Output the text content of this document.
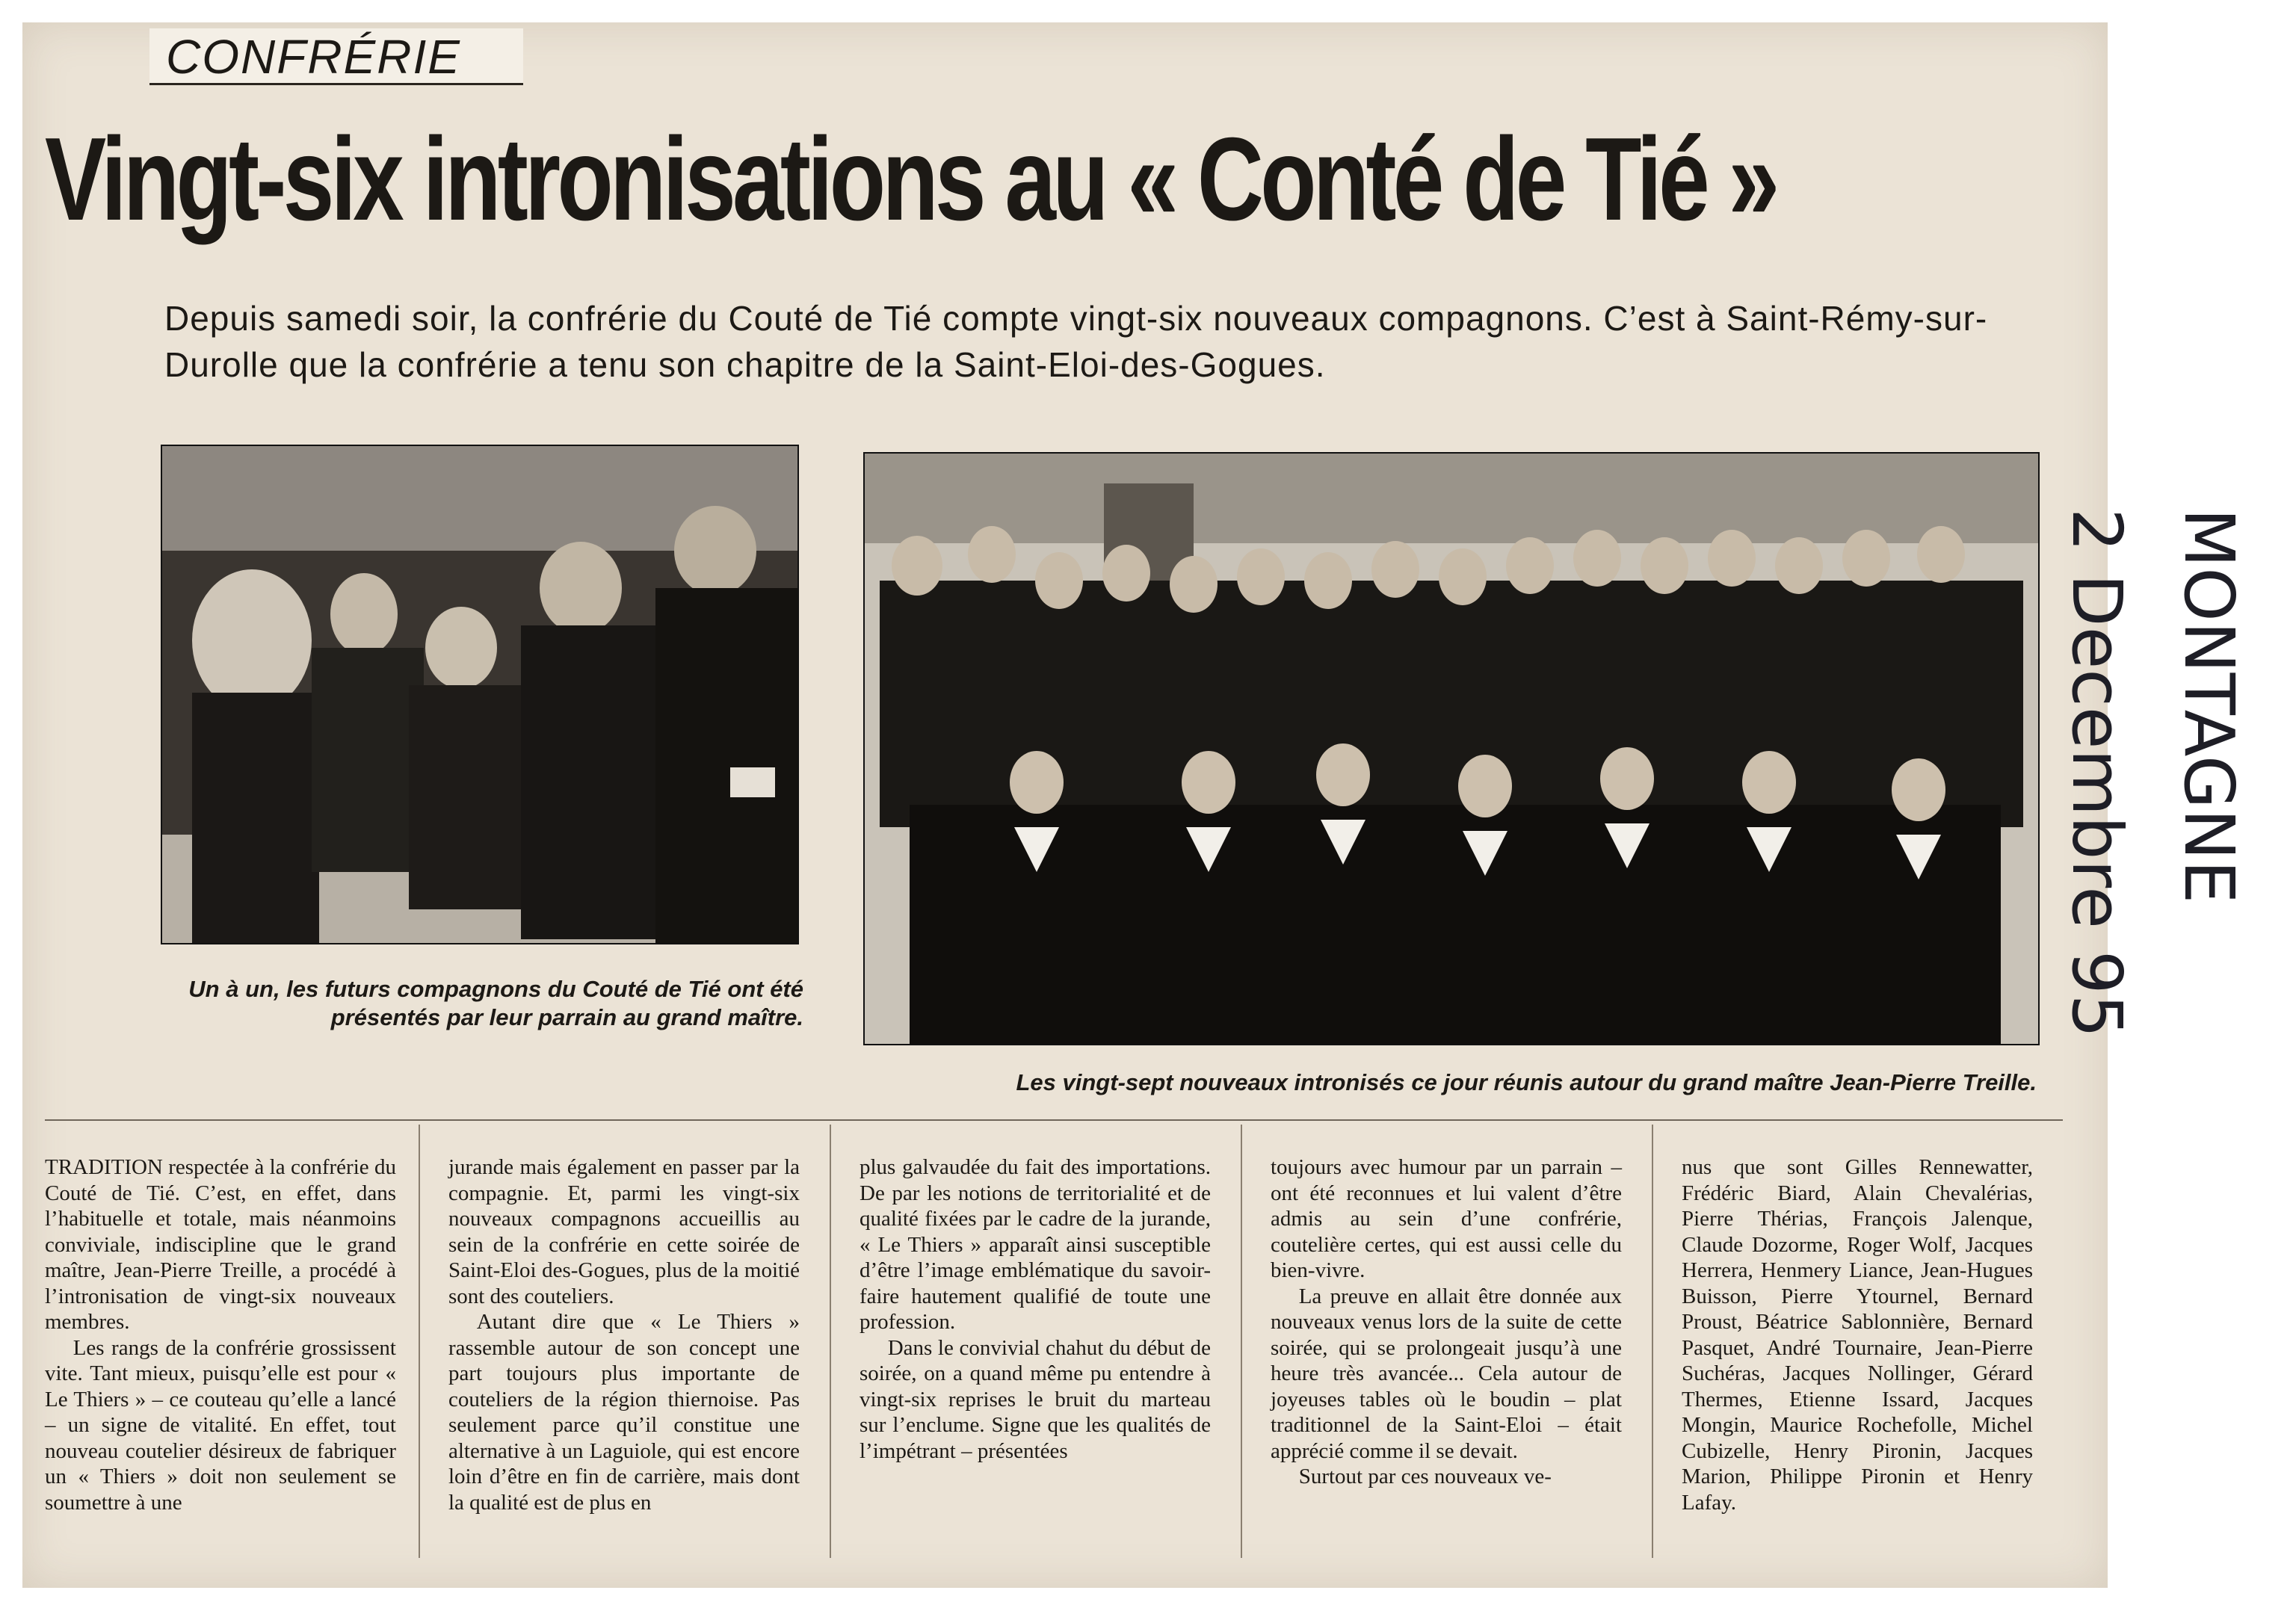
CONFRÉRIE
Vingt-six intronisations au « Conté de Tié »
Depuis samedi soir, la confrérie du Couté de Tié compte vingt-six nouveaux compagnons. C’est à Saint-Rémy-sur-Durolle que la confrérie a tenu son chapitre de la Saint-Eloi-des-Gogues.
Un à un, les futurs compagnons du Couté de Tié ont été présentés par leur parrain au grand maître.
Les vingt-sept nouveaux intronisés ce jour réunis autour du grand maître Jean-Pierre Treille.

TRADITION respectée à la confrérie du Couté de Tié. C’est, en effet, dans l’habituelle et totale, mais néanmoins conviviale, indiscipline que le grand maître, Jean-Pierre Treille, a procédé à l’intronisation de vingt-six nouveaux membres.

Les rangs de la confrérie grossissent vite. Tant mieux, puisqu’elle est pour « Le Thiers » – ce couteau qu’elle a lancé – un signe de vitalité. En effet, tout nouveau coutelier désireux de fabriquer un « Thiers » doit non seulement se soumettre à une

jurande mais également en passer par la compagnie. Et, parmi les vingt-six nouveaux compagnons accueillis au sein de la confrérie en cette soirée de Saint-Eloi des-Gogues, plus de la moitié sont des couteliers.

Autant dire que « Le Thiers » rassemble autour de son concept une part toujours plus importante de couteliers de la région thiernoise. Pas seulement parce qu’il constitue une alternative à un Laguiole, qui est encore loin d’être en fin de carrière, mais dont la qualité est de plus en

plus galvaudée du fait des importations. De par les notions de territorialité et de qualité fixées par le cadre de la jurande, « Le Thiers » apparaît ainsi susceptible d’être l’image emblématique du savoir-faire hautement qualifié de toute une profession.

Dans le convivial chahut du début de soirée, on a quand même pu entendre à vingt-six reprises le bruit du marteau sur l’enclume. Signe que les qualités de l’impétrant – présentées

toujours avec humour par un parrain – ont été reconnues et lui valent d’être admis au sein d’une confrérie, coutelière certes, qui est aussi celle du bien-vivre.

La preuve en allait être donnée aux nouveaux venus lors de la suite de cette soirée, qui se prolongeait jusqu’à une heure très avancée... Cela autour de joyeuses tables où le boudin – plat traditionnel de la Saint-Eloi – était apprécié comme il se devait.

Surtout par ces nouveaux ve-

nus que sont Gilles Rennewatter, Frédéric Biard, Alain Chevalérias, Pierre Thérias, François Jalenque, Claude Dozorme, Roger Wolf, Jacques Herrera, Henmery Liance, Jean-Hugues Buisson, Pierre Ytournel, Bernard Proust, Béatrice Sablonnière, Bernard Pasquet, André Tournaire, Jean-Pierre Suchéras, Jacques Nollinger, Gérard Thermes, Etienne Issard, Jacques Mongin, Maurice Rochefolle, Michel Cubizelle, Henry Pironin, Jacques Marion, Philippe Pironin et Henry Lafay.

MONTAGNE
2 Decembre 95
